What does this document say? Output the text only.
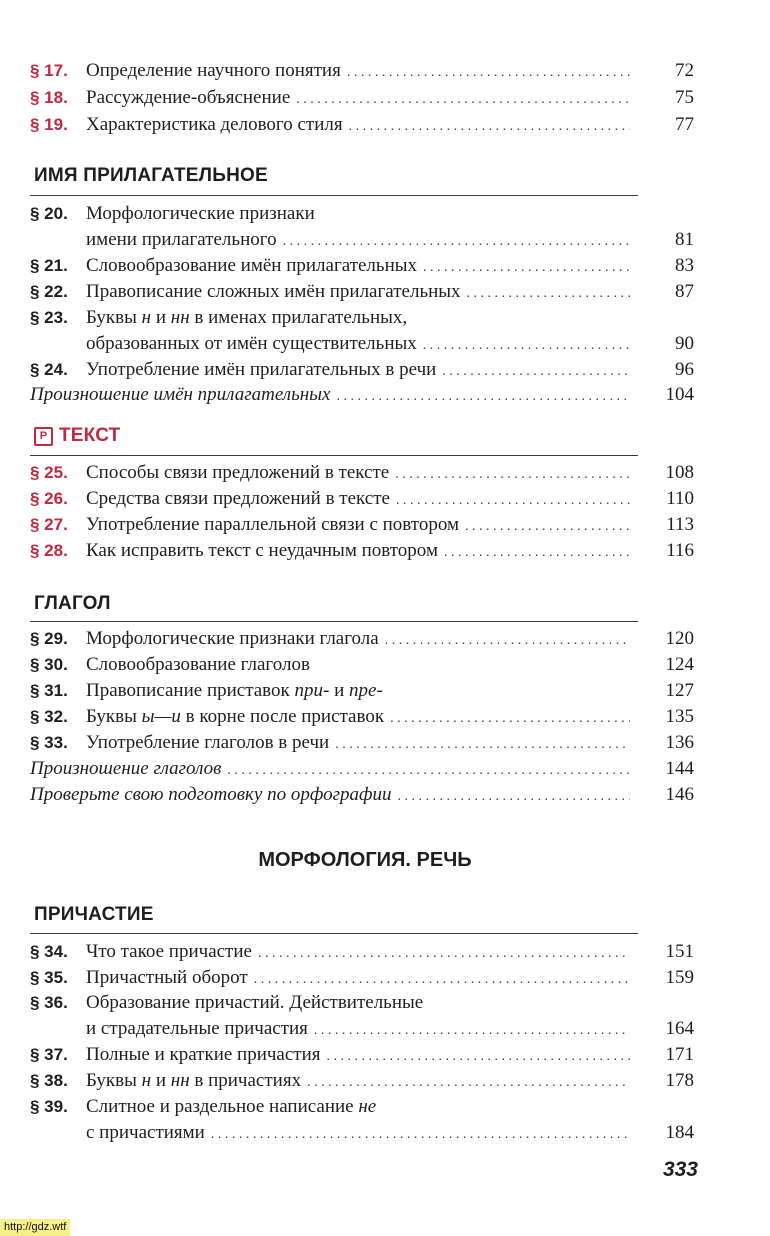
§ 17. Определение научного понятия . . .	72
§ 18. Рассуждение-объяснение . . .	75
§ 19. Характеристика делового стиля . . .	77
ИМЯ ПРИЛАГАТЕЛЬНОЕ
§ 20. Морфологические признаки
имени прилагательного . . .	81
§ 21. Словообразование имён прилагательных . . .	83
§ 22. Правописание сложных имён прилагательных . . .	87
§ 23. Буквы н и нн в именах прилагательных,
образованных от имён существительных . . .	90
§ 24. Употребление имён прилагательных в речи . . .	96
Произношение имён прилагательных . . .	104
Р ТЕКСТ
§ 25. Способы связи предложений в тексте . . .	108
§ 26. Средства связи предложений в тексте . . .	110
§ 27. Употребление параллельной связи с повтором . . .	113
§ 28. Как исправить текст с неудачным повтором . . .	116
ГЛАГОЛ
§ 29. Морфологические признаки глагола . . .	120
§ 30. Словообразование глаголов	124
§ 31. Правописание приставок при- и пре-	127
§ 32. Буквы ы—и в корне после приставок . . .	135
§ 33. Употребление глаголов в речи . . .	136
Произношение глаголов . . .	144
Проверьте свою подготовку по орфографии . . .	146
МОРФОЛОГИЯ. РЕЧЬ
ПРИЧАСТИЕ
§ 34. Что такое причастие . . .	151
§ 35. Причастный оборот . . .	159
§ 36. Образование причастий. Действительные
и страдательные причастия . . .	164
§ 37. Полные и краткие причастия . . .	171
§ 38. Буквы н и нн в причастиях . . .	178
§ 39. Слитное и раздельное написание не
с причастиями . . .	184
333
http://gdz.wtf
